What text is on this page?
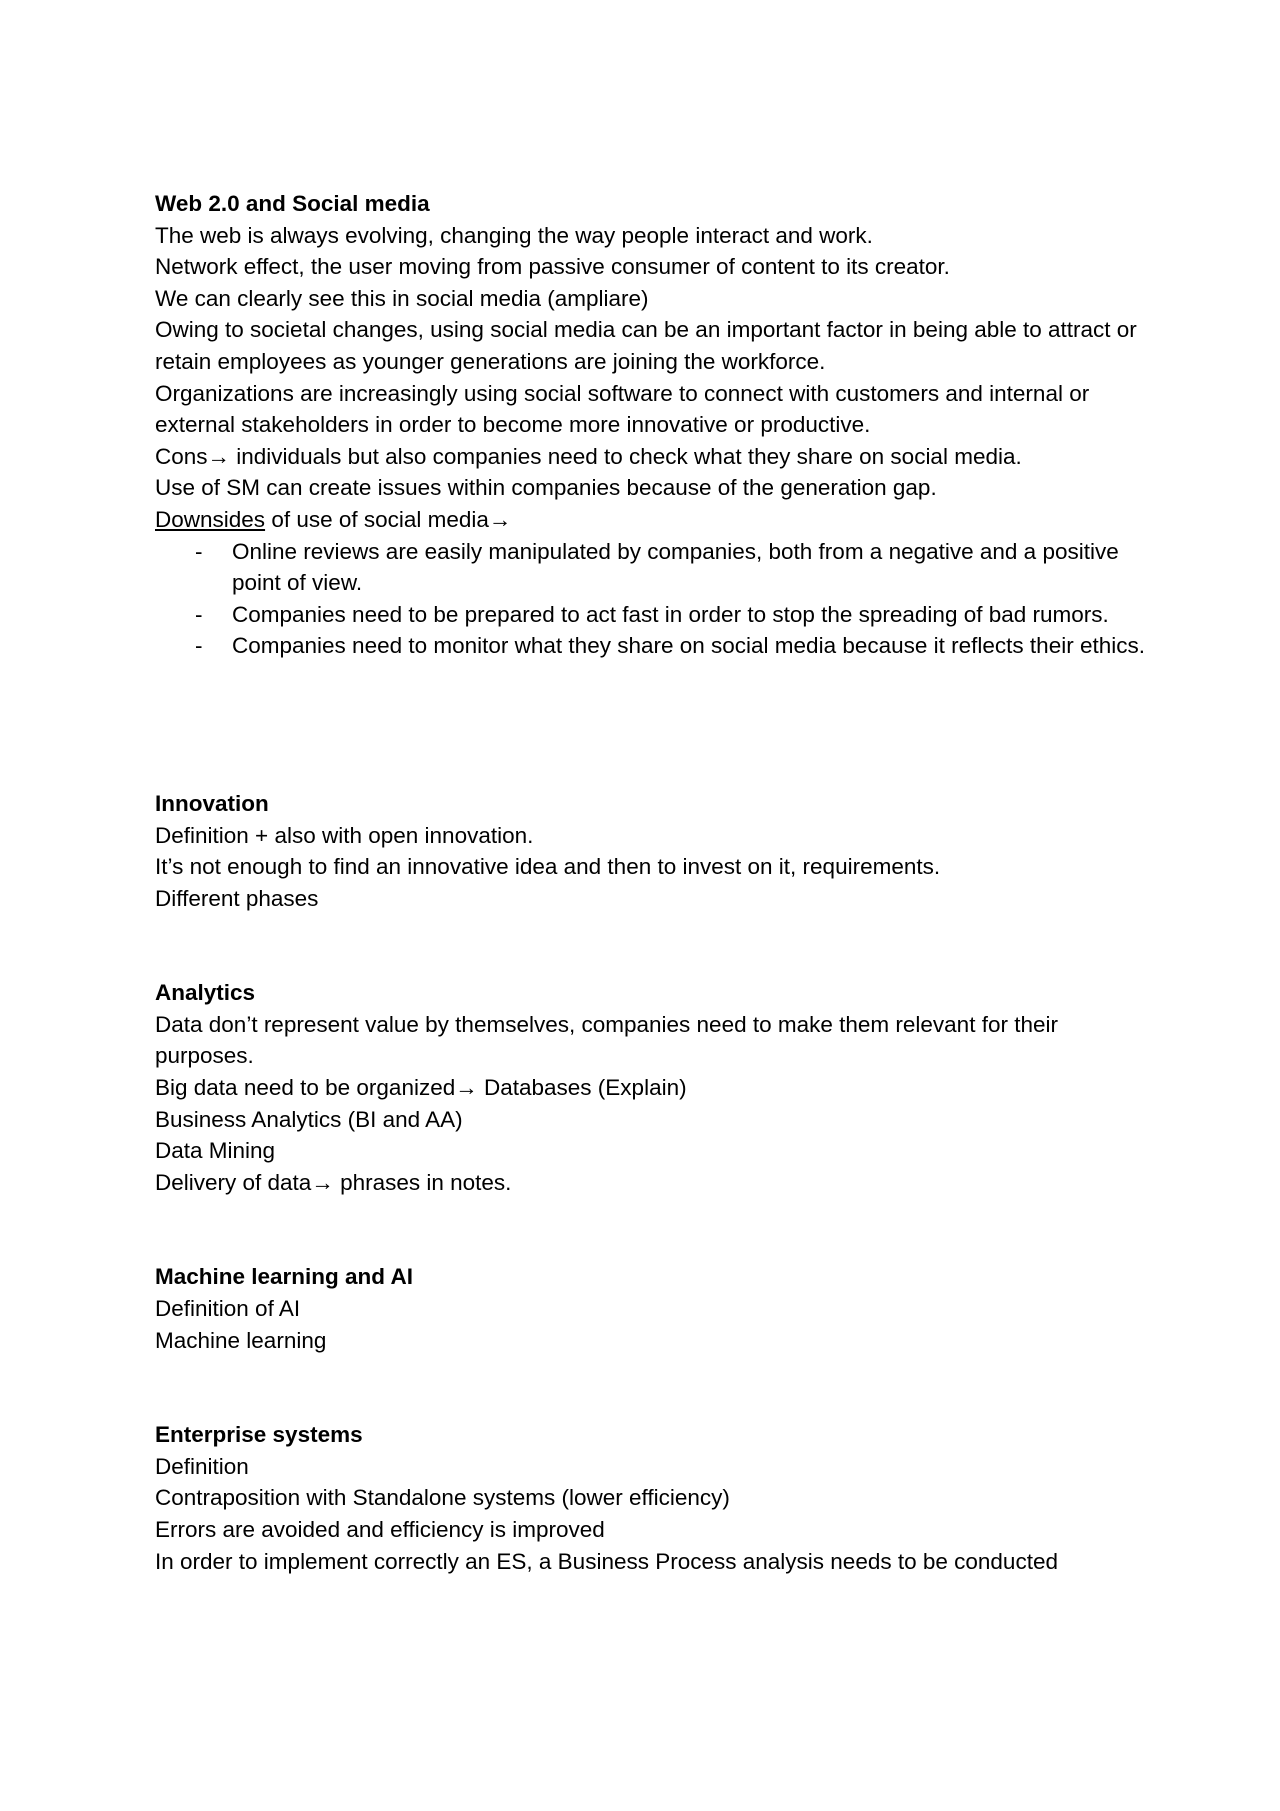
Web 2.0 and Social media
The web is always evolving, changing the way people interact and work.
Network effect, the user moving from passive consumer of content to its creator.
We can clearly see this in social media (ampliare)
Owing to societal changes, using social media can be an important factor in being able to attract or retain employees as younger generations are joining the workforce.
Organizations are increasingly using social software to connect with customers and internal or external stakeholders in order to become more innovative or productive.
Cons→ individuals but also companies need to check what they share on social media.
Use of SM can create issues within companies because of the generation gap.
Downsides of use of social media→
- Online reviews are easily manipulated by companies, both from a negative and a positive point of view.
- Companies need to be prepared to act fast in order to stop the spreading of bad rumors.
- Companies need to monitor what they share on social media because it reflects their ethics.
Innovation
Definition + also with open innovation.
It’s not enough to find an innovative idea and then to invest on it, requirements.
Different phases
Analytics
Data don’t represent value by themselves, companies need to make them relevant for their purposes.
Big data need to be organized→ Databases (Explain)
Business Analytics (BI and AA)
Data Mining
Delivery of data→ phrases in notes.
Machine learning and AI
Definition of AI
Machine learning
Enterprise systems
Definition
Contraposition with Standalone systems (lower efficiency)
Errors are avoided and efficiency is improved
In order to implement correctly an ES, a Business Process analysis needs to be conducted
